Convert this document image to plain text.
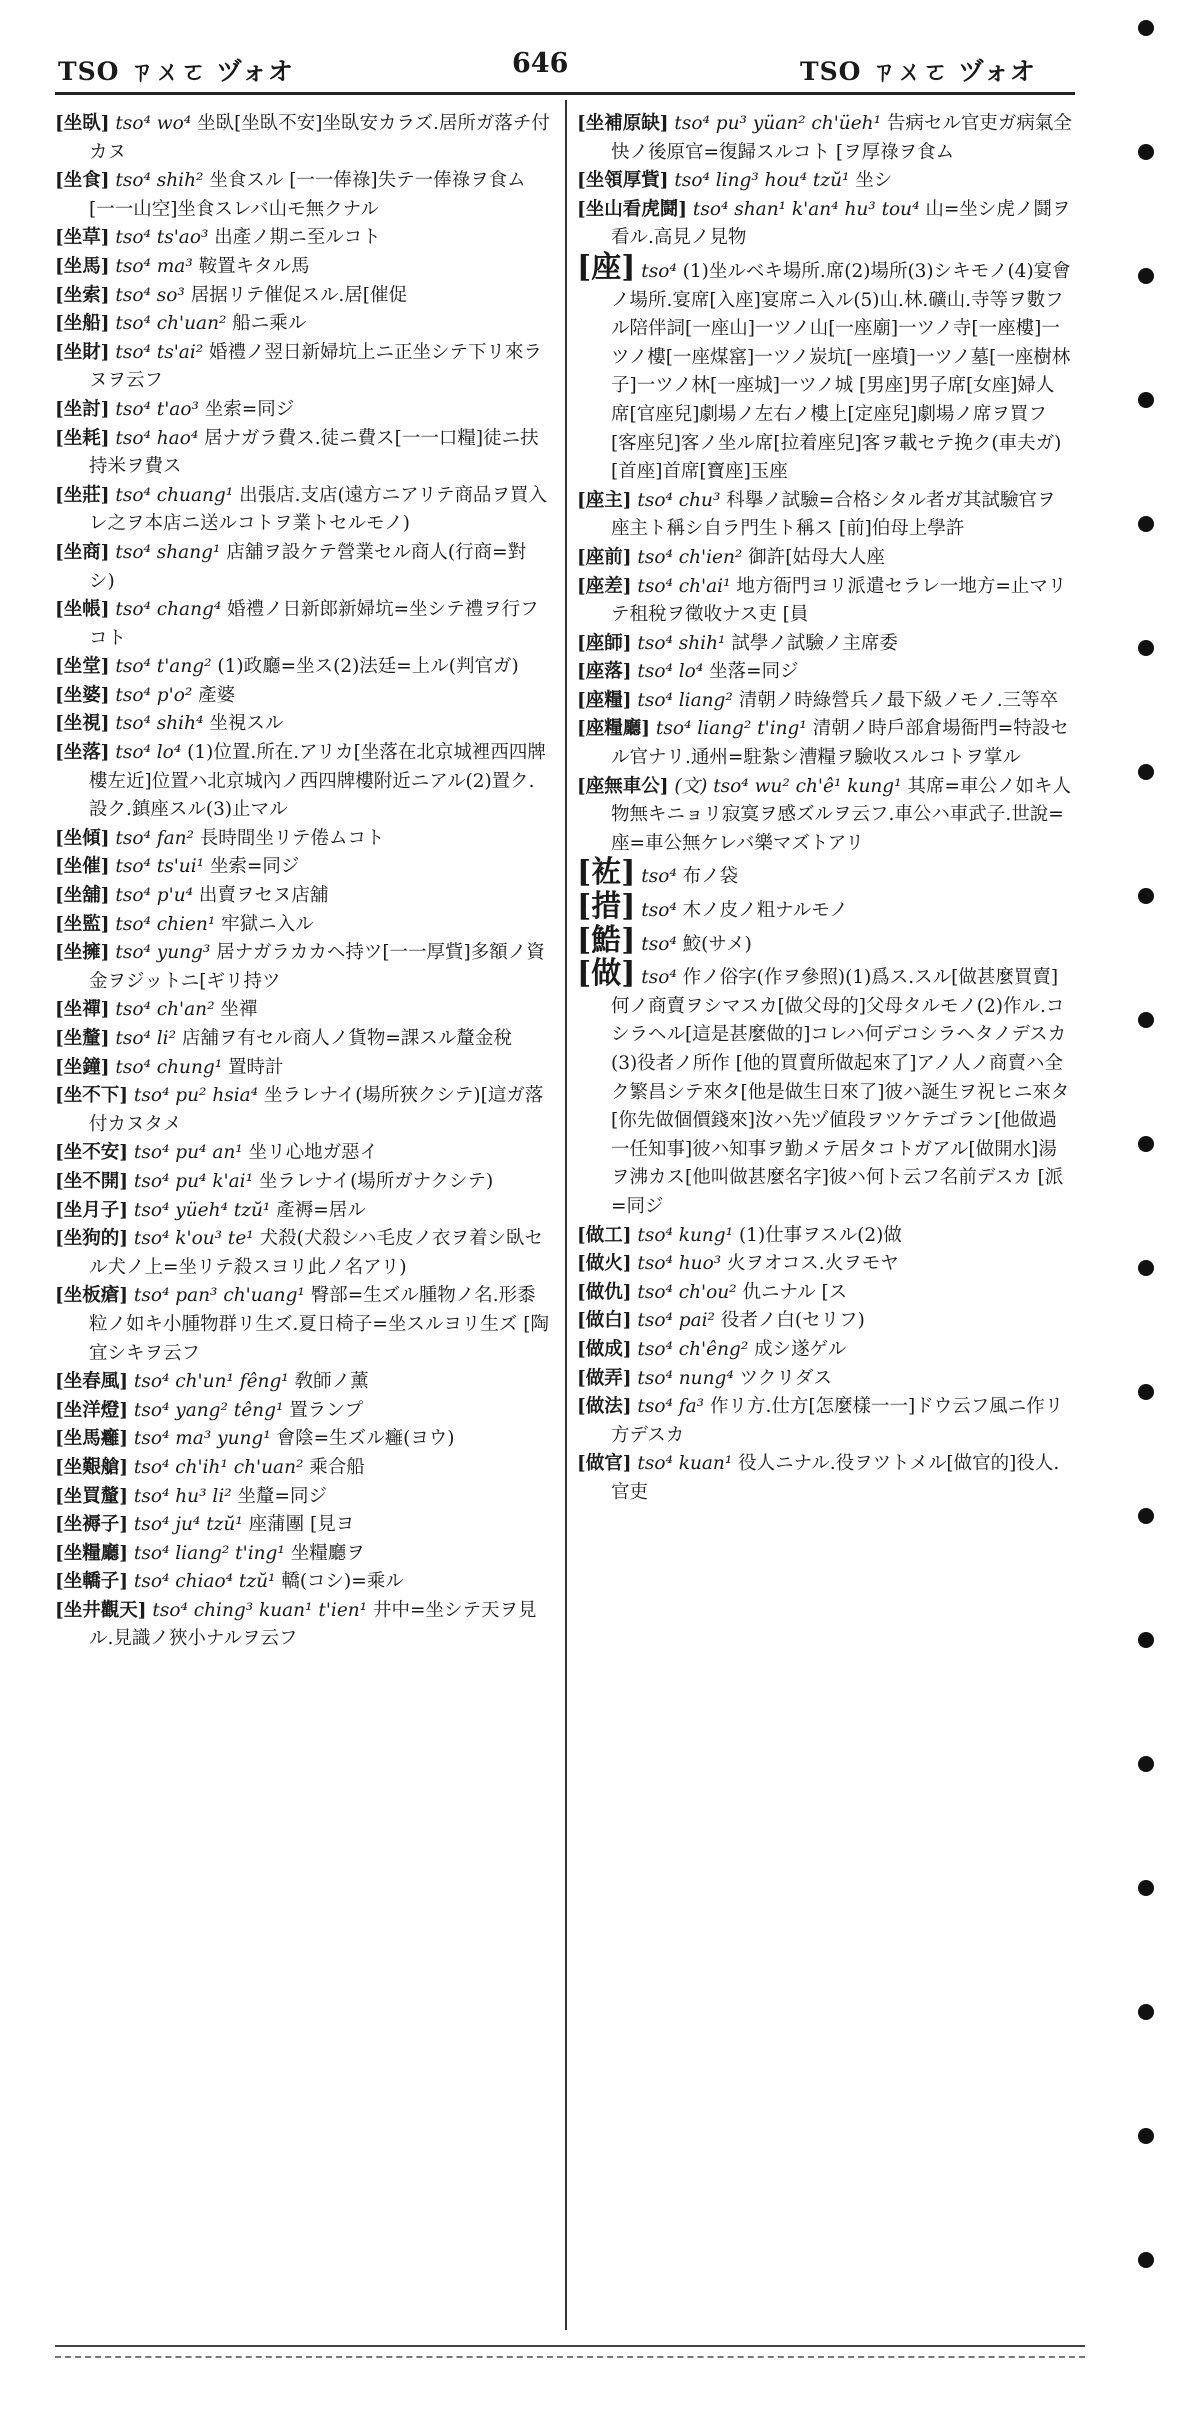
TSO ㄗㄨㄛ ヅォオ	646	TSO ㄗㄨㄛ ヅォオ

[坐臥] tso⁴ wo⁴ 坐臥[坐臥不安]坐臥安カラズ.居所ガ落チ付カヌ

[坐食] tso⁴ shih² 坐食スル [一一俸祿]失テ一俸祿ヲ食ム[一一山空]坐食スレバ山モ無クナル

[坐草] tso⁴ ts'ao³ 出產ノ期ニ至ルコト

[坐馬] tso⁴ ma³ 鞍置キタル馬

[坐索] tso⁴ so³ 居据リテ催促スル.居[催促

[坐船] tso⁴ ch'uan² 船ニ乘ル

[坐財] tso⁴ ts'ai² 婚禮ノ翌日新婦坑上ニ正坐シテ下リ來ラヌヲ云フ

[坐討] tso⁴ t'ao³ 坐索=同ジ

[坐耗] tso⁴ hao⁴ 居ナガラ費ス.徒ニ費ス[一一口糧]徒ニ扶持米ヲ費ス

[坐莊] tso⁴ chuang¹ 出張店.支店(遠方ニアリテ商品ヲ買入レ之ヲ本店ニ送ルコトヲ業トセルモノ)

[坐商] tso⁴ shang¹ 店舖ヲ設ケテ營業セル商人(行商=對シ)

[坐帳] tso⁴ chang⁴ 婚禮ノ日新郎新婦坑=坐シテ禮ヲ行フコト

[坐堂] tso⁴ t'ang² (1)政廳=坐ス(2)法廷=上ル(判官ガ)

[坐婆] tso⁴ p'o² 產婆

[坐視] tso⁴ shih⁴ 坐視スル

[坐落] tso⁴ lo⁴ (1)位置.所在.アリカ[坐落在北京城裡西四牌樓左近]位置ハ北京城內ノ西四牌樓附近ニアル(2)置ク.設ク.鎮座スル(3)止マル

[坐傾] tso⁴ fan² 長時間坐リテ倦ムコト

[坐催] tso⁴ ts'ui¹ 坐索=同ジ

[坐舖] tso⁴ p'u⁴ 出賣ヲセヌ店舖

[坐監] tso⁴ chien¹ 牢獄ニ入ル

[坐擁] tso⁴ yung³ 居ナガラカカヘ持ツ[一一厚貲]多額ノ資金ヲジットニ[ギリ持ツ

[坐禪] tso⁴ ch'an² 坐禪

[坐釐] tso⁴ li² 店舖ヲ有セル商人ノ貨物=課スル釐金稅

[坐鐘] tso⁴ chung¹ 置時計

[坐不下] tso⁴ pu² hsia⁴ 坐ラレナイ(場所狹クシテ)[這ガ落付カヌタメ

[坐不安] tso⁴ pu⁴ an¹ 坐リ心地ガ惡イ

[坐不開] tso⁴ pu⁴ k'ai¹ 坐ラレナイ(場所ガナクシテ)

[坐月子] tso⁴ yüeh⁴ tzŭ¹ 產褥=居ル

[坐狗的] tso⁴ k'ou³ te¹ 犬殺(犬殺シハ毛皮ノ衣ヲ着シ臥セル犬ノ上=坐リテ殺スヨリ此ノ名アリ)

[坐板瘡] tso⁴ pan³ ch'uang¹ 臀部=生ズル腫物ノ名.形黍粒ノ如キ小腫物群リ生ズ.夏日椅子=坐スルヨリ生ズ [陶宜シキヲ云フ

[坐春風] tso⁴ ch'un¹ fêng¹ 敎師ノ薰

[坐洋燈] tso⁴ yang² têng¹ 置ランプ

[坐馬癰] tso⁴ ma³ yung¹ 會陰=生ズル癰(ヨウ)

[坐艱艙] tso⁴ ch'ih¹ ch'uan² 乘合船

[坐買釐] tso⁴ hu³ li² 坐釐=同ジ

[坐褥子] tso⁴ ju⁴ tzŭ¹ 座蒲團 [見ヨ

[坐糧廳] tso⁴ liang² t'ing¹ 坐糧廳ヲ

[坐轎子] tso⁴ chiao⁴ tzŭ¹ 轎(コシ)=乘ル

[坐井觀天] tso⁴ ching³ kuan¹ t'ien¹ 井中=坐シテ天ヲ見ル.見識ノ狹小ナルヲ云フ

[坐補原缺] tso⁴ pu³ yüan² ch'üeh¹ 告病セル官吏ガ病氣全快ノ後原官=復歸スルコト [ヲ厚祿ヲ食ム

[坐領厚貲] tso⁴ ling³ hou⁴ tzŭ¹ 坐シ

[坐山看虎鬪] tso⁴ shan¹ k'an⁴ hu³ tou⁴ 山=坐シ虎ノ鬪ヲ看ル.高見ノ見物

[座] tso⁴ (1)坐ルベキ場所.席(2)場所(3)シキモノ(4)宴會ノ場所.宴席[入座]宴席ニ入ル(5)山.林.礦山.寺等ヲ數フル陪伴詞[一座山]一ツノ山[一座廟]一ツノ寺[一座樓]一ツノ樓[一座煤窰]一ツノ炭坑[一座墳]一ツノ墓[一座樹林子]一ツノ林[一座城]一ツノ城 [男座]男子席[女座]婦人席[官座兒]劇場ノ左右ノ樓上[定座兒]劇場ノ席ヲ買フ[客座兒]客ノ坐ル席[拉着座兒]客ヲ載セテ挽ク(車夫ガ)[首座]首席[寶座]玉座

[座主] tso⁴ chu³ 科擧ノ試驗=合格シタル者ガ其試驗官ヲ座主ト稱シ自ラ門生ト稱ス [前]伯母上學許

[座前] tso⁴ ch'ien² 御許[姑母大人座

[座差] tso⁴ ch'ai¹ 地方衙門ヨリ派遣セラレ一地方=止マリテ租稅ヲ徵收ナス吏 [員

[座師] tso⁴ shih¹ 試學ノ試驗ノ主席委

[座落] tso⁴ lo⁴ 坐落=同ジ

[座糧] tso⁴ liang² 清朝ノ時綠營兵ノ最下級ノモノ.三等卒

[座糧廳] tso⁴ liang² t'ing¹ 清朝ノ時戶部倉場衙門=特設セル官ナリ.通州=駐紮シ漕糧ヲ驗收スルコトヲ掌ル

[座無車公] (文) tso⁴ wu² ch'ê¹ kung¹ 其席=車公ノ如キ人物無キニョリ寂寞ヲ感ズルヲ云フ.車公ハ車武子.世說=座=車公無ケレバ樂マズトアリ

[袏] tso⁴ 布ノ袋

[措] tso⁴ 木ノ皮ノ粗ナルモノ

[鯌] tso⁴ 鮫(サメ)

[做] tso⁴ 作ノ俗字(作ヲ參照)(1)爲ス.スル[做甚麼買賣]何ノ商賣ヲシマスカ[做父母的]父母タルモノ(2)作ル.コシラヘル[這是甚麼做的]コレハ何デコシラヘタノデスカ(3)役者ノ所作 [他的買賣所做起來了]アノ人ノ商賣ハ全ク繁昌シテ來タ[他是做生日來了]彼ハ誕生ヲ祝ヒニ來タ[你先做個價錢來]汝ハ先ヅ値段ヲツケテゴラン[他做過一任知事]彼ハ知事ヲ勤メテ居タコトガアル[做開水]湯ヲ沸カス[他叫做甚麼名字]彼ハ何ト云フ名前デスカ [派=同ジ

[做工] tso⁴ kung¹ (1)仕事ヲスル(2)做

[做火] tso⁴ huo³ 火ヲオコス.火ヲモヤ

[做仇] tso⁴ ch'ou² 仇ニナル [ス

[做白] tso⁴ pai² 役者ノ白(セリフ)

[做成] tso⁴ ch'êng² 成シ遂ゲル

[做弄] tso⁴ nung⁴ ツクリダス

[做法] tso⁴ fa³ 作リ方.仕方[怎麼樣一一]ドウ云フ風ニ作リ方デスカ

[做官] tso⁴ kuan¹ 役人ニナル.役ヲツトメル[做官的]役人.官吏
